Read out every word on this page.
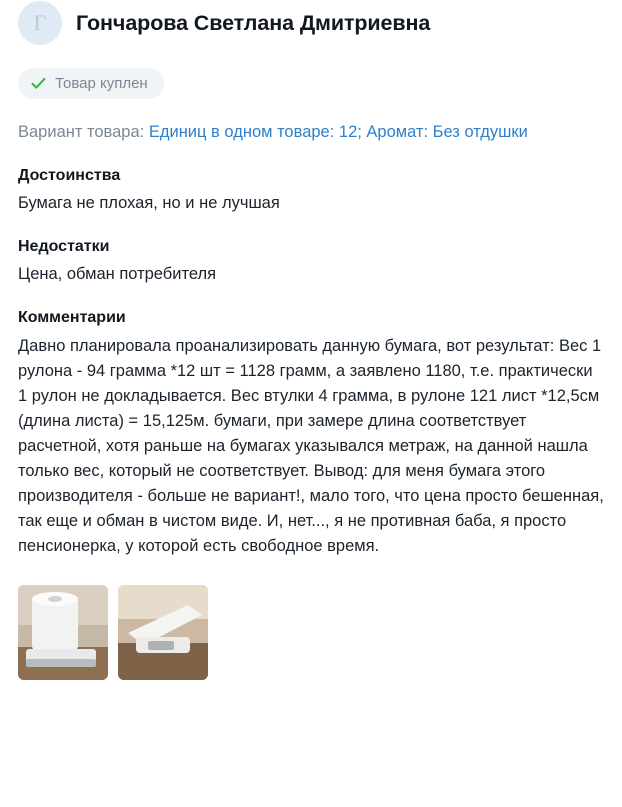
Г	Гончарова Светлана Дмитриевна
Товар куплен
Вариант товара: Единиц в одном товаре: 12; Аромат: Без отдушки
Достоинства
Бумага не плохая, но и не лучшая
Недостатки
Цена, обман потребителя
Комментарии
Давно планировала проанализировать данную бумага, вот результат: Вес 1 рулона - 94 грамма *12 шт = 1128 грамм, а заявлено 1180, т.е. практически 1 рулон не докладывается. Вес втулки 4 грамма, в рулоне 121 лист *12,5см (длина листа) = 15,125м. бумаги, при замере длина соответствует расчетной, хотя раньше на бумагах указывался метраж, на данной нашла только вес, который не соответствует. Вывод: для меня бумага этого производителя - больше не вариант!, мало того, что цена просто бешенная, так еще и обман в чистом виде. И, нет..., я не противная баба, я просто пенсионерка, у которой есть свободное время.
